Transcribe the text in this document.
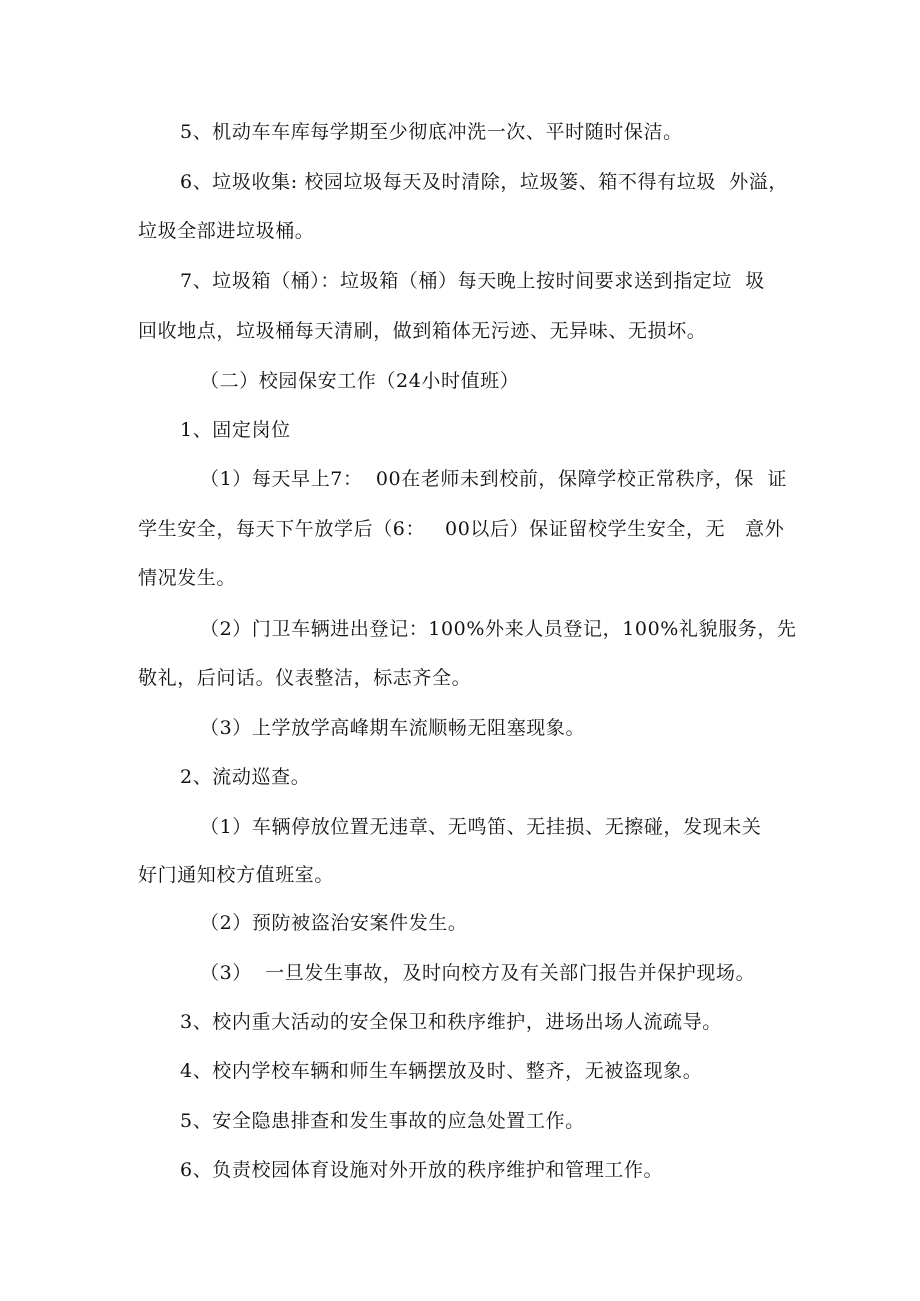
5、机动车车库每学期至少彻底冲洗一次、平时随时保洁。
6、垃圾收集: 校园垃圾每天及时清除，垃圾篓、箱不得有垃圾  外溢，
垃圾全部进垃圾桶。
7、垃圾箱（桶）：垃圾箱（桶）每天晚上按时间要求送到指定垃  圾
回收地点，垃圾桶每天清刷，做到箱体无污迹、无异味、无损坏。
（二）校园保安工作（24小时值班）
1、固定岗位
（1）每天早上7：  00在老师未到校前，保障学校正常秩序，保  证
学生安全，每天下午放学后（6：   00以后）保证留校学生安全，无   意外
情况发生。
（2）门卫车辆进出登记：100%外来人员登记，100%礼貌服务，先
敬礼，后问话。仪表整洁，标志齐全。
（3）上学放学高峰期车流顺畅无阻塞现象。
2、流动巡查。
（1）车辆停放位置无违章、无鸣笛、无挂损、无擦碰，发现未关
好门通知校方值班室。
（2）预防被盗治安案件发生。
（3）  一旦发生事故，及时向校方及有关部门报告并保护现场。
3、校内重大活动的安全保卫和秩序维护，进场出场人流疏导。
4、校内学校车辆和师生车辆摆放及时、整齐，无被盗现象。
5、安全隐患排查和发生事故的应急处置工作。
6、负责校园体育设施对外开放的秩序维护和管理工作。
